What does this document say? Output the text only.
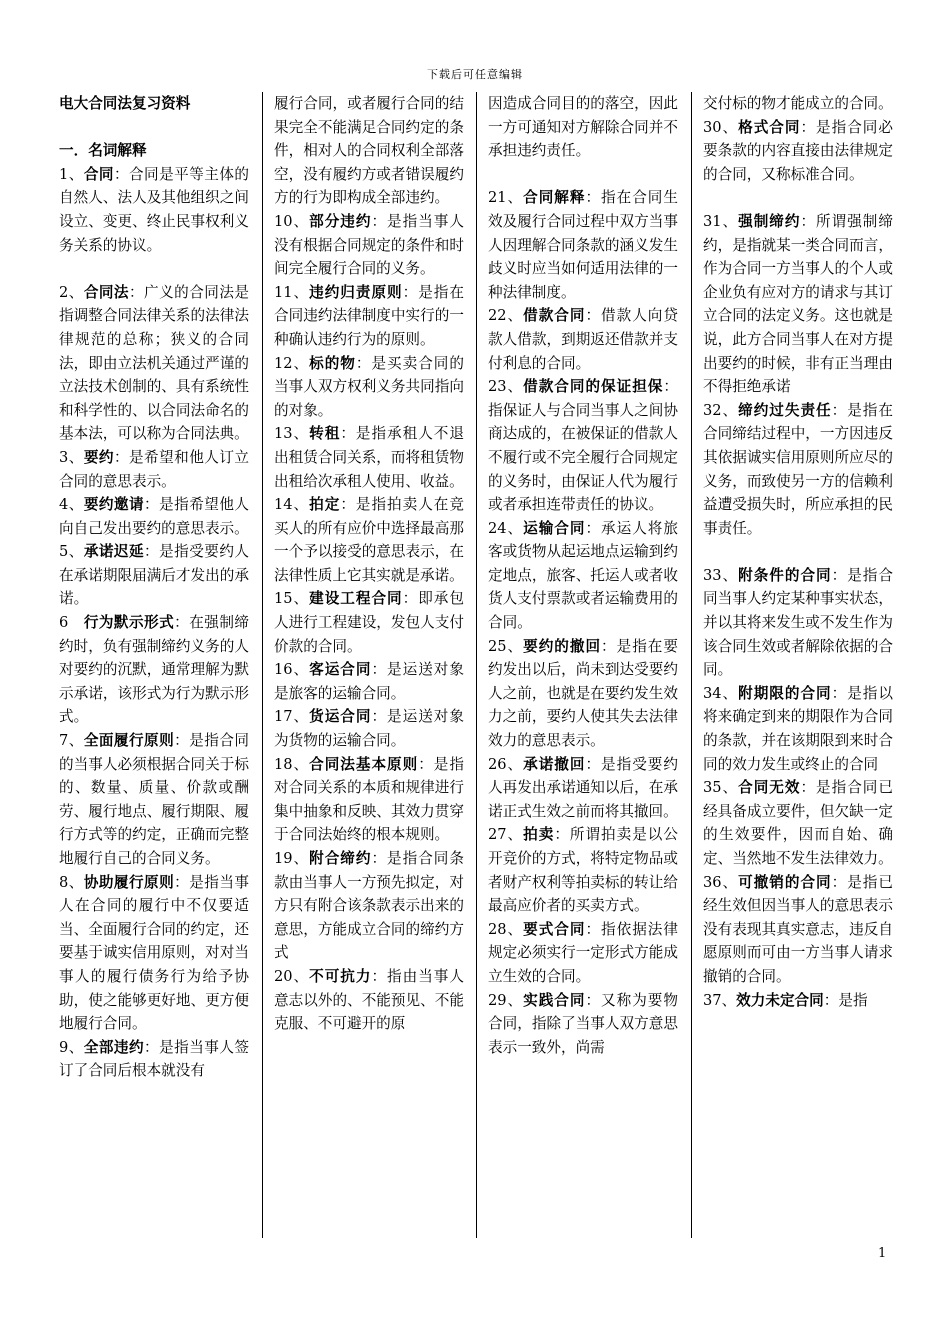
下载后可任意编辑

电大合同法复习资料

一．名词解释

1、合同：合同是平等主体的自然人、法人及其他组织之间设立、变更、终止民事权利义务关系的协议。

2、合同法：广义的合同法是指调整合同法律关系的法律法律规范的总称；狭义的合同法，即由立法机关通过严谨的立法技术创制的、具有系统性和科学性的、以合同法命名的基本法，可以称为合同法典。

3、要约：是希望和他人订立合同的意思表示。

4、要约邀请：是指希望他人向自己发出要约的意思表示。

5、承诺迟延：是指受要约人在承诺期限届满后才发出的承诺。

6　行为默示形式：在强制缔约时，负有强制缔约义务的人对要约的沉默，通常理解为默示承诺，该形式为行为默示形式。

7、全面履行原则：是指合同的当事人必须根据合同关于标的、数量、质量、价款或酬劳、履行地点、履行期限、履行方式等的约定，正确而完整地履行自己的合同义务。

8、协助履行原则：是指当事人在合同的履行中不仅要适当、全面履行合同的约定，还要基于诚实信用原则，对对当事人的履行债务行为给予协助，使之能够更好地、更方便地履行合同。

9、全部违约：是指当事人签订了合同后根本就没有

履行合同，或者履行合同的结果完全不能满足合同约定的条件，相对人的合同权利全部落空，没有履约方或者错误履约方的行为即构成全部违约。

10、部分违约：是指当事人没有根据合同规定的条件和时间完全履行合同的义务。

11、违约归责原则：是指在合同违约法律制度中实行的一种确认违约行为的原则。

12、标的物：是买卖合同的当事人双方权利义务共同指向的对象。

13、转租：是指承租人不退出租赁合同关系，而将租赁物出租给次承租人使用、收益。

14、拍定：是指拍卖人在竞买人的所有应价中选择最高那一个予以接受的意思表示，在法律性质上它其实就是承诺。

15、建设工程合同：即承包人进行工程建设，发包人支付价款的合同。

16、客运合同：是运送对象是旅客的运输合同。

17、货运合同：是运送对象为货物的运输合同。

18、合同法基本原则：是指对合同关系的本质和规律进行集中抽象和反映、其效力贯穿于合同法始终的根本规则。

19、附合缔约：是指合同条款由当事人一方预先拟定，对方只有附合该条款表示出来的意思，方能成立合同的缔约方式

20、不可抗力：指由当事人意志以外的、不能预见、不能克服、不可避开的原

因造成合同目的的落空，因此一方可通知对方解除合同并不承担违约责任。

21、合同解释：指在合同生效及履行合同过程中双方当事人因理解合同条款的涵义发生歧义时应当如何适用法律的一种法律制度。

22、借款合同：借款人向贷款人借款，到期返还借款并支付利息的合同。

23、借款合同的保证担保：指保证人与合同当事人之间协商达成的，在被保证的借款人不履行或不完全履行合同规定的义务时，由保证人代为履行或者承担连带责任的协议。

24、运输合同：承运人将旅客或货物从起运地点运输到约定地点，旅客、托运人或者收货人支付票款或者运输费用的合同。

25、要约的撤回：是指在要约发出以后，尚未到达受要约人之前，也就是在要约发生效力之前，要约人使其失去法律效力的意思表示。

26、承诺撤回：是指受要约人再发出承诺通知以后，在承诺正式生效之前而将其撤回。

27、拍卖：所谓拍卖是以公开竞价的方式，将特定物品或者财产权利等拍卖标的转让给最高应价者的买卖方式。

28、要式合同：指依据法律规定必须实行一定形式方能成立生效的合同。

29、实践合同：又称为要物合同，指除了当事人双方意思表示一致外，尚需

交付标的物才能成立的合同。

30、格式合同：是指合同必要条款的内容直接由法律规定的合同，又称标准合同。

31、强制缔约：所谓强制缔约，是指就某一类合同而言，作为合同一方当事人的个人或企业负有应对方的请求与其订立合同的法定义务。这也就是说，此方合同当事人在对方提出要约的时候，非有正当理由不得拒绝承诺

32、缔约过失责任：是指在合同缔结过程中，一方因违反其依据诚实信用原则所应尽的义务，而致使另一方的信赖利益遭受损失时，所应承担的民事责任。

33、附条件的合同：是指合同当事人约定某种事实状态，并以其将来发生或不发生作为该合同生效或者解除依据的合同。

34、附期限的合同：是指以将来确定到来的期限作为合同的条款，并在该期限到来时合同的效力发生或终止的合同

35、合同无效：是指合同已经具备成立要件，但欠缺一定的生效要件，因而自始、确定、当然地不发生法律效力。

36、可撤销的合同：是指已经生效但因当事人的意思表示没有表现其真实意志，违反自愿原则而可由一方当事人请求撤销的合同。

37、效力未定合同：是指

1
